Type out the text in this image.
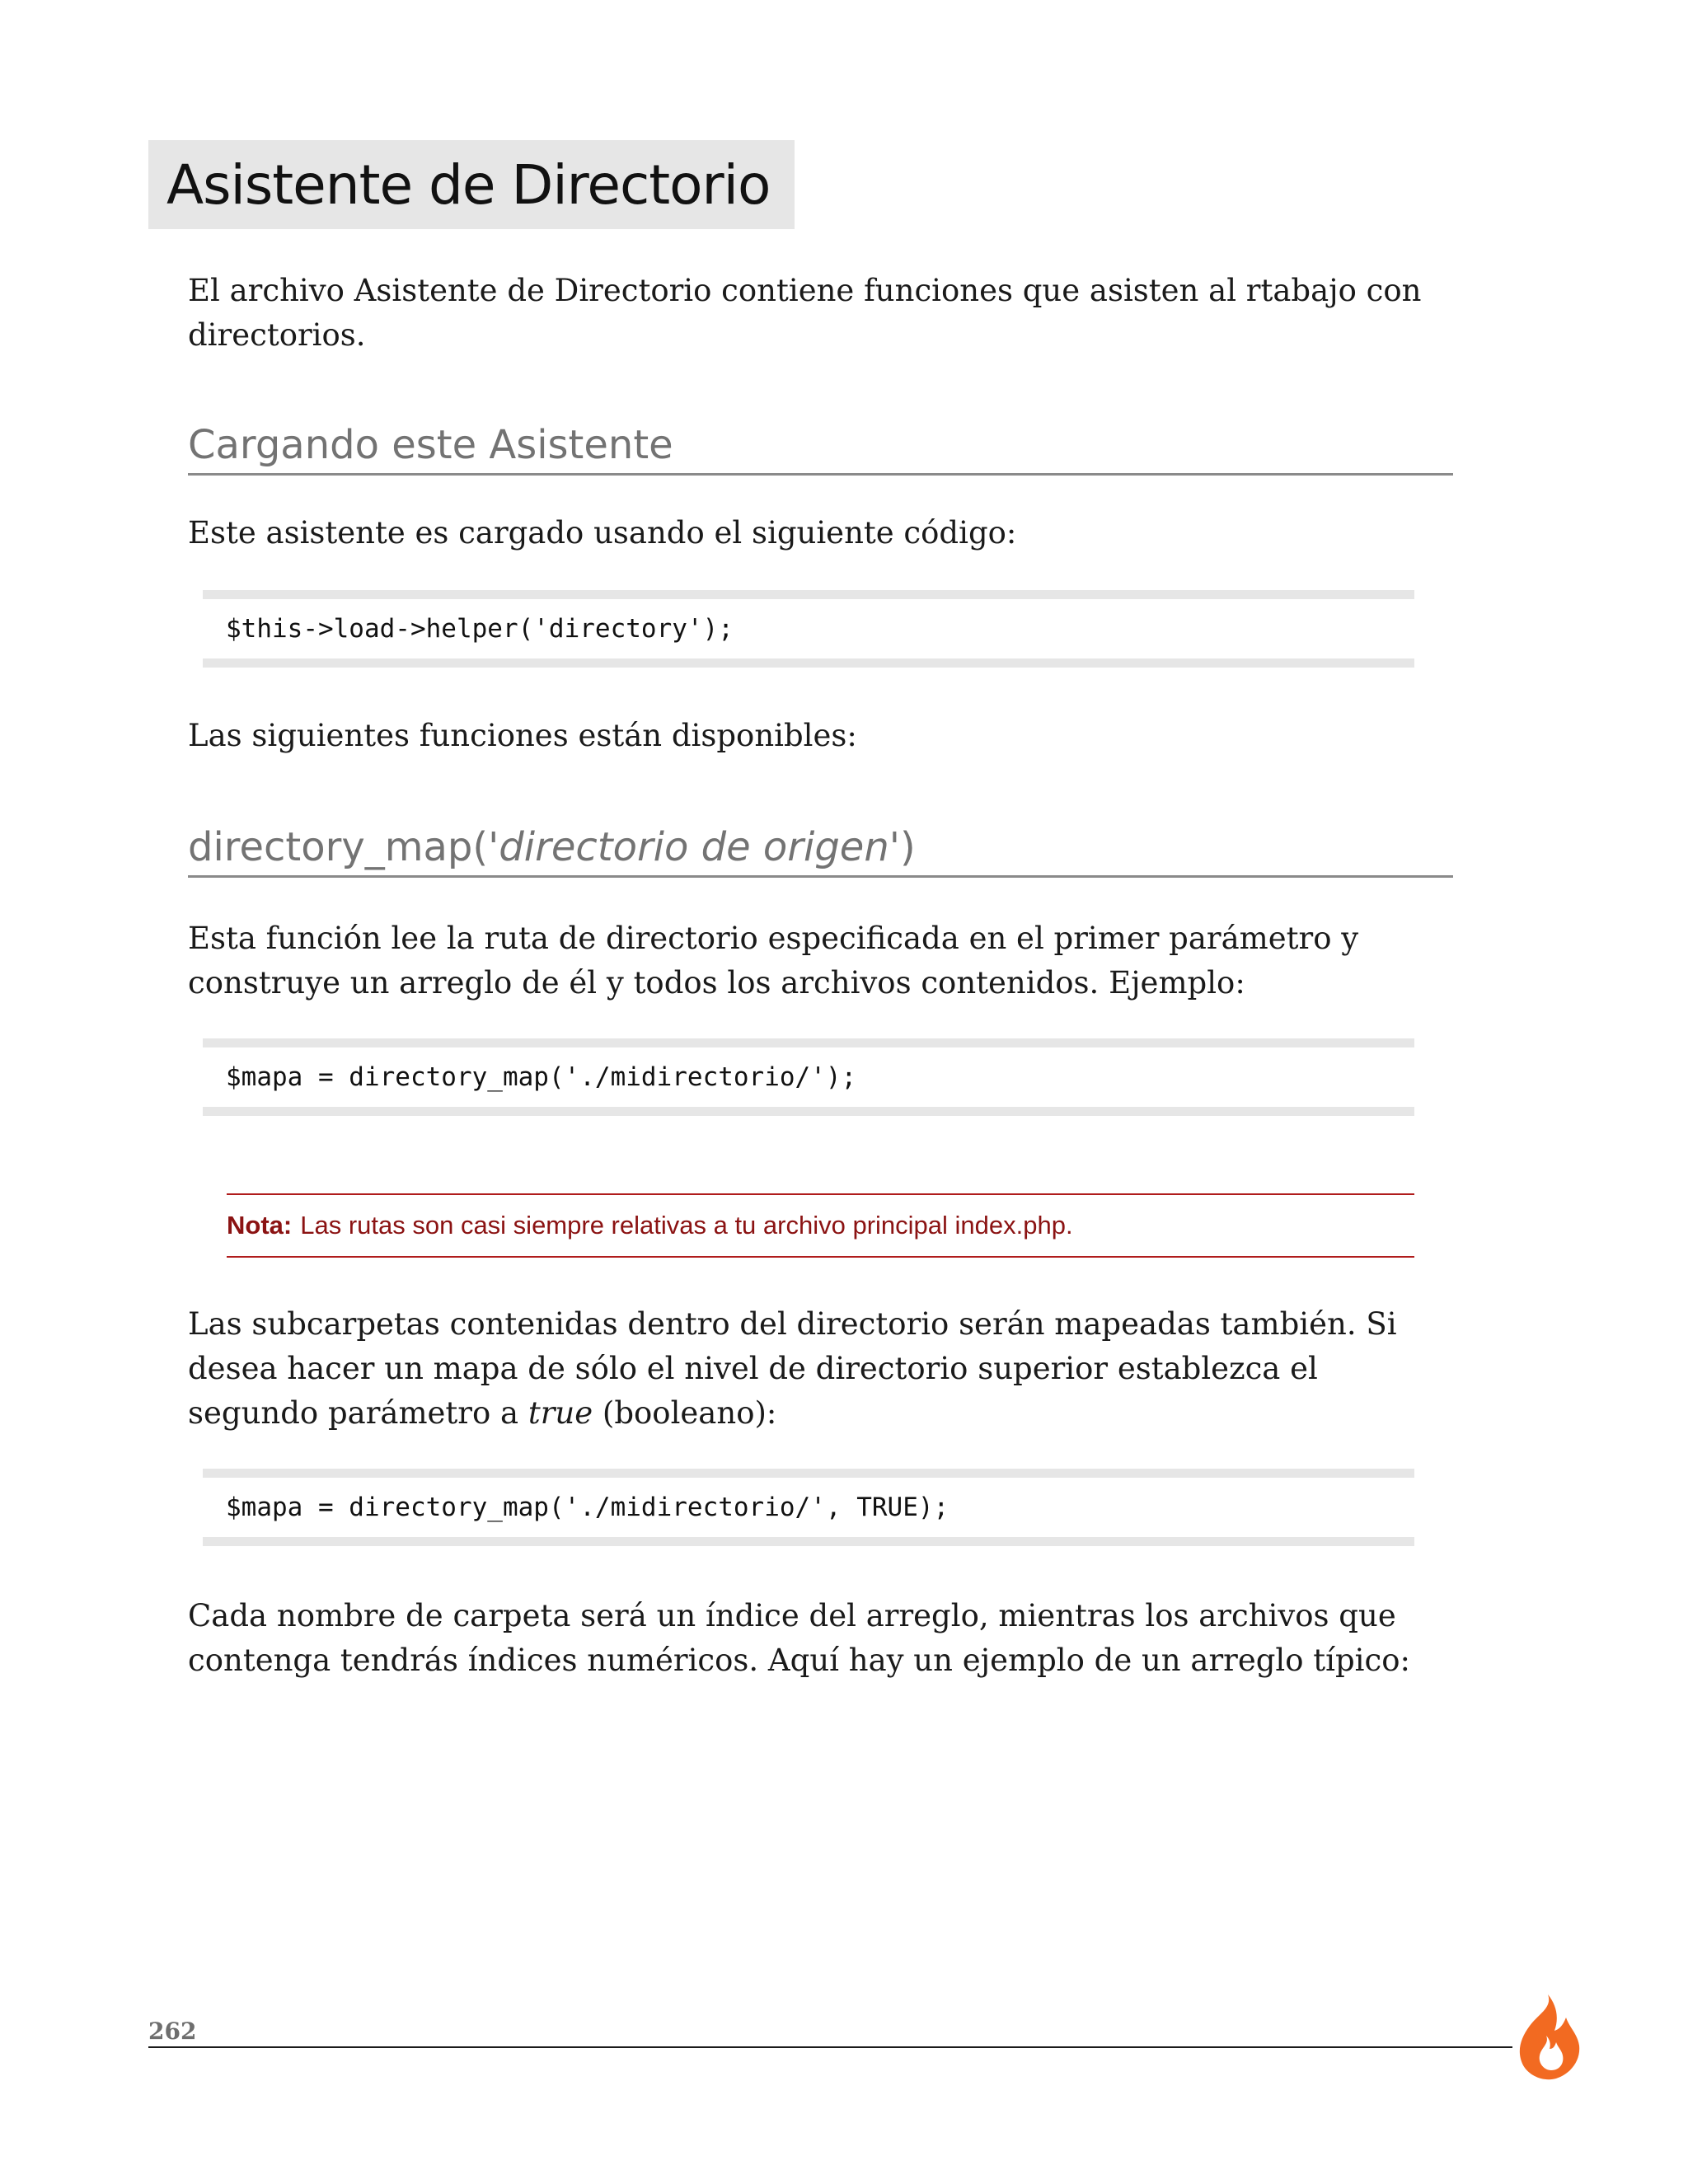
Asistente de Directorio

El archivo Asistente de Directorio contiene funciones que asisten al rtabajo con directorios.

Cargando este Asistente

Este asistente es cargado usando el siguiente código:

$this->load->helper('directory');

Las siguientes funciones están disponibles:

directory_map('directorio de origen')

Esta función lee la ruta de directorio especificada en el primer parámetro y construye un arreglo de él y todos los archivos contenidos. Ejemplo:

$mapa = directory_map('./midirectorio/');
Nota: Las rutas son casi siempre relativas a tu archivo principal index.php.

Las subcarpetas contenidas dentro del directorio serán mapeadas también. Si desea hacer un mapa de sólo el nivel de directorio superior establezca el segundo parámetro a true (booleano):

$mapa = directory_map('./midirectorio/', TRUE);

Cada nombre de carpeta será un índice del arreglo, mientras los archivos que contenga tendrás índices numéricos. Aquí hay un ejemplo de un arreglo típico:

262
